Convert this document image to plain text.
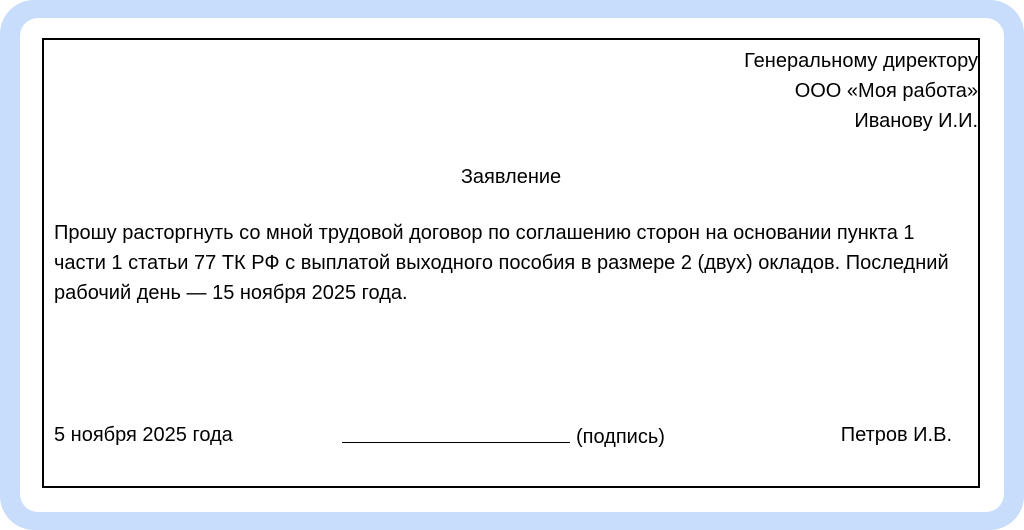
Генеральному директору
ООО «Моя работа»
Иванову И.И.
Заявление
Прошу расторгнуть со мной трудовой договор по соглашению сторон на основании пункта 1 части 1 статьи 77 ТК РФ с выплатой выходного пособия в размере 2 (двух) окладов. Последний рабочий день — 15 ноября 2025 года.
5 ноября 2025 года	(подпись)	Петров И.В.
